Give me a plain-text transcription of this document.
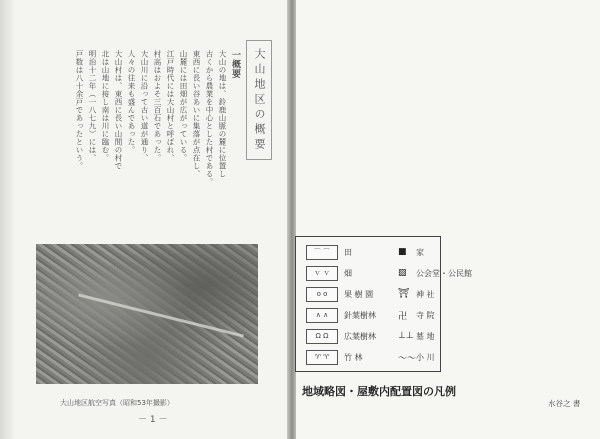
一概要
大山の地は、鈴鹿山脈の麓に位置し
古くから農業を中心とした村である。
東西に長い谷あいに集落が点在し、
山麓には田畑が広がっている。
江戸時代には大山村と呼ばれ、
村高はおよそ三百石であった。
大山川に沿って古い道が通り、
人々の往来も盛んであった。
大山村は、東西に長い山間の村で
北は山地に接し南は川に臨む。
明治十二年（一八七九）には、
戸数は八十余戸であったという。	大山地区の概要
大山地区航空写真（昭和53年撮影）
－ 1 －
⌒ ⌒	田	■ 家
ｖ ｖ	畑	▨ 公会堂・公民館
ο ο	果 樹 園	⛩ 神 社
∧ ∧	針葉樹林 卍 寺 院
Ω Ω	広葉樹林 ⊥⊥ 墓 地
♈ ♈	竹 林	～～ 小 川
地域略図・屋敷内配置図の凡例
水谷之 書
